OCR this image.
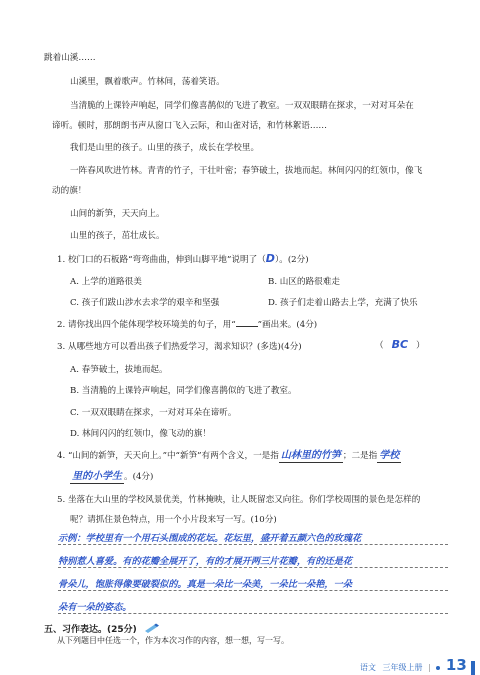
跳着山溪……
山溪里，飘着歌声。竹林间，荡着笑语。
当清脆的上课铃声响起，同学们像喜鹊似的飞进了教室。一双双眼睛在探求，一对对耳朵在
谛听。顿时，那朗朗书声从窗口飞入云际，和山雀对话，和竹林絮语……
我们是山里的孩子。山里的孩子，成长在学校里。
一阵春风吹进竹林。青青的竹子，干壮叶密；春笋破土，拔地而起。林间闪闪的红领巾，像飞
动的旗！
山间的新笋，天天向上。
山里的孩子，茁壮成长。
1. 校门口的石板路“弯弯曲曲，伸到山脚平地”说明了（D）。(2分)
A. 上学的道路很美	B. 山区的路很难走
C. 孩子们跋山涉水去求学的艰辛和坚强	D. 孩子们走着山路去上学，充满了快乐
2. 请你找出四个能体现学校环境美的句子，用“	”画出来。(4分)
3. 从哪些地方可以看出孩子们热爱学习，渴求知识？(多选)(4分)	（ BC ）
A. 春笋破土，拔地而起。
B. 当清脆的上课铃声响起，同学们像喜鹊似的飞进了教室。
C. 一双双眼睛在探求，一对对耳朵在谛听。
D. 林间闪闪的红领巾，像飞动的旗！
4. “山间的新笋，天天向上。”中“新笋”有两个含义，一是指 山林里的竹笋 ；二是指 学校
里的小学生 。(4分)
5. 坐落在大山里的学校风景优美，竹林掩映，让人既留恋又向往。你们学校周围的景色是怎样的
呢？请抓住景色特点，用一个小片段来写一写。(10分)
示例：学校里有一个用石头围成的花坛。花坛里，盛开着五颜六色的玫瑰花
特别惹人喜爱。有的花瓣全展开了，有的才展开两三片花瓣，有的还是花
骨朵儿，饱胀得像要破裂似的。真是一朵比一朵美，一朵比一朵艳，一朵
朵有一朵的姿态。
五、习作表达。(25分)
从下列题目中任选一个，作为本次习作的内容，想一想，写一写。
语文 三年级上册 | 13
